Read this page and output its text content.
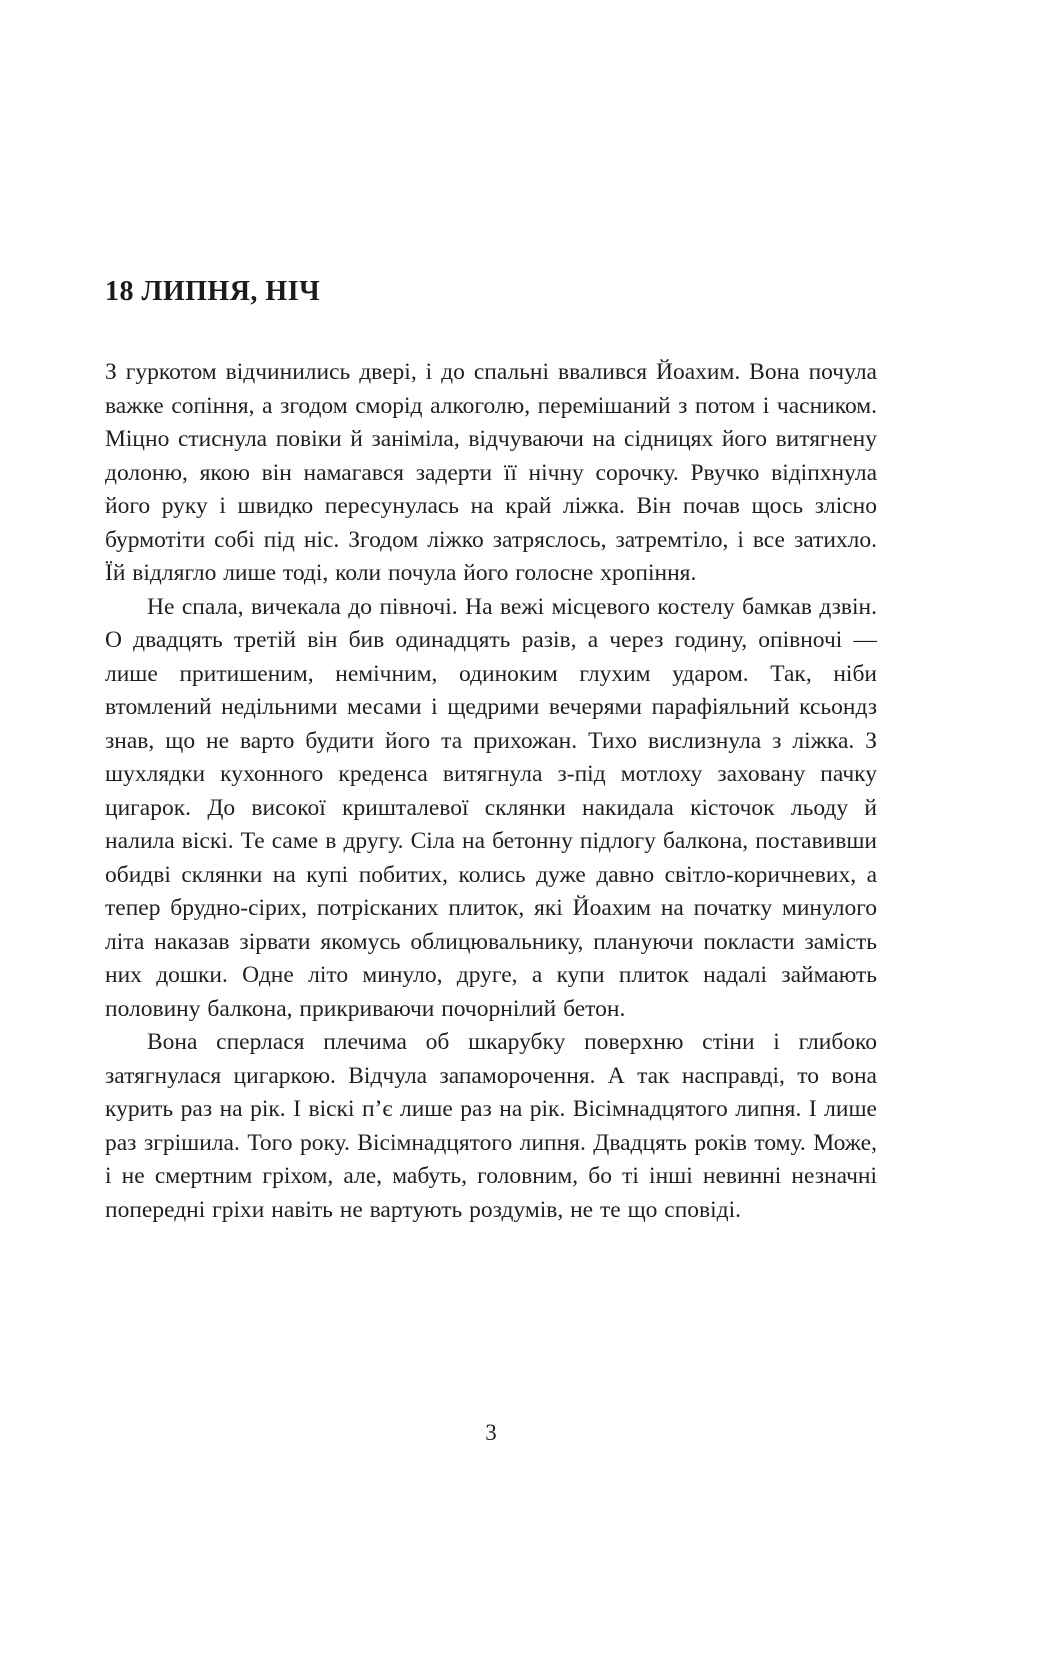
18 ЛИПНЯ, НІЧ

З гуркотом відчинились двері, і до спальні ввалився Йоахим. Вона почула важке сопіння, а згодом сморід алкоголю, перемішаний з потом і часником. Міцно стиснула повіки й заніміла, відчуваючи на сідницях його витягнену долоню, якою він намагався задерти її нічну сорочку. Рвучко відіпхнула його руку і швидко пересунулась на край ліжка. Він почав щось злісно бурмотіти собі під ніс. Згодом ліжко затряслось, затремтіло, і все затихло. Їй відлягло лише тоді, коли почула його голосне хропіння.

Не спала, вичекала до півночі. На вежі місцевого костелу бамкав дзвін. О двадцять третій він бив одинадцять разів, а через годину, опівночі — лише притишеним, немічним, одиноким глухим ударом. Так, ніби втомлений недільними месами і щедрими вечерями парафіяльний ксьондз знав, що не варто будити його та прихожан. Тихо вислизнула з ліжка. З шухлядки кухонного креденса витягнула з-під мотлоху заховану пачку цигарок. До високої кришталевої склянки накидала кісточок льоду й налила віскі. Те саме в другу. Сіла на бетонну підлогу балкона, поставивши обидві склянки на купі побитих, колись дуже давно світло-коричневих, а тепер брудно-сірих, потрісканих плиток, які Йоахим на початку минулого літа наказав зірвати якомусь облицювальнику, плануючи покласти замість них дошки. Одне літо минуло, друге, а купи плиток надалі займають половину балкона, прикриваючи почорнілий бетон.

Вона сперлася плечима об шкарубку поверхню стіни і глибоко затягнулася цигаркою. Відчула запаморочення. А так насправді, то вона курить раз на рік. І віскі п’є лише раз на рік. Вісімнадцятого липня. І лише раз згрішила. Того року. Вісімнадцятого липня. Двадцять років тому. Може, і не смертним гріхом, але, мабуть, головним, бо ті інші невинні незначні попередні гріхи навіть не вартують роздумів, не те що сповіді.

3
